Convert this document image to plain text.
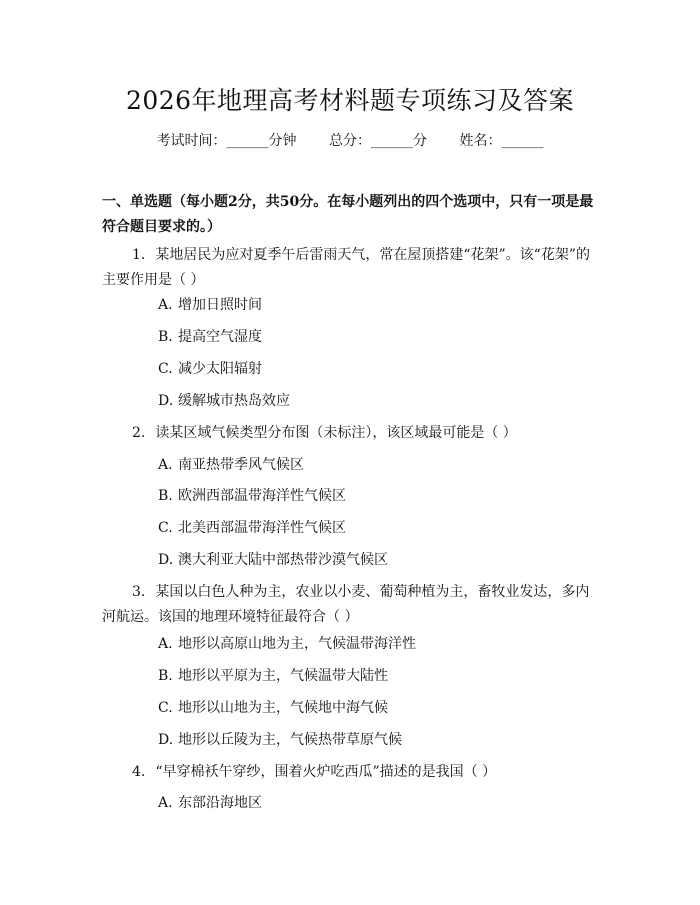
2026年地理高考材料题专项练习及答案
考试时间：______分钟 总分：______分 姓名：______
一、单选题（每小题2分，共50分。在每小题列出的四个选项中，只有一项是最符合题目要求的。）
1. 某地居民为应对夏季午后雷雨天气，常在屋顶搭建“花架”。该“花架”的主要作用是（ ）
A. 增加日照时间
B. 提高空气湿度
C. 减少太阳辐射
D. 缓解城市热岛效应
2. 读某区域气候类型分布图（未标注），该区域最可能是（ ）
A. 南亚热带季风气候区
B. 欧洲西部温带海洋性气候区
C. 北美西部温带海洋性气候区
D. 澳大利亚大陆中部热带沙漠气候区
3. 某国以白色人种为主，农业以小麦、葡萄种植为主，畜牧业发达，多内河航运。该国的地理环境特征最符合（ ）
A. 地形以高原山地为主，气候温带海洋性
B. 地形以平原为主，气候温带大陆性
C. 地形以山地为主，气候地中海气候
D. 地形以丘陵为主，气候热带草原气候
4. “早穿棉袄午穿纱，围着火炉吃西瓜”描述的是我国（ ）
A. 东部沿海地区
